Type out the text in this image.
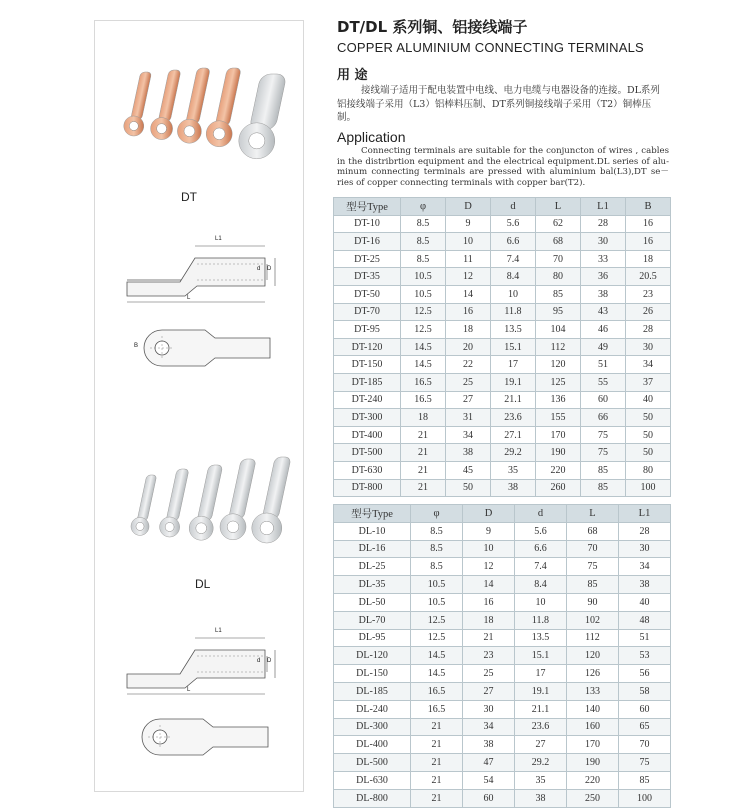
DT
L1
L
d D
B
DL
L1
L
d D
DT/DL 系列铜、铝接线端子
COPPER ALUMINIUM CONNECTING TERMINALS
用 途
接线端子适用于配电装置中电线、电力电缆与电器设备的连接。DL系列铝接线端子采用（L3）铝棒料压制、DT系列铜接线端子采用（T2）铜棒压制。
Application
Connecting terminals are suitable for the conjuncton of wires , cables in the distribrtion equipment and the electrical equipment.DL series of alu-minum connecting terminals are pressed with aluminium bal(L3),DT se－ries of copper connecting terminals with copper bar(T2).
型号Type	φ	D	d	L	L1	B
DT-10	8.5	9	5.6	62	28	16
DT-16	8.5	10	6.6	68	30	16
DT-25	8.5	11	7.4	70	33	18
DT-35	10.5	12	8.4	80	36	20.5
DT-50	10.5	14	10	85	38	23
DT-70	12.5	16	11.8	95	43	26
DT-95	12.5	18	13.5	104	46	28
DT-120	14.5	20	15.1	112	49	30
DT-150	14.5	22	17	120	51	34
DT-185	16.5	25	19.1	125	55	37
DT-240	16.5	27	21.1	136	60	40
DT-300	18	31	23.6	155	66	50
DT-400	21	34	27.1	170	75	50
DT-500	21	38	29.2	190	75	50
DT-630	21	45	35	220	85	80
DT-800	21	50	38	260	85	100
型号Type	φ	D	d	L	L1
DL-10	8.5	9	5.6	68	28
DL-16	8.5	10	6.6	70	30
DL-25	8.5	12	7.4	75	34
DL-35	10.5	14	8.4	85	38
DL-50	10.5	16	10	90	40
DL-70	12.5	18	11.8	102	48
DL-95	12.5	21	13.5	112	51
DL-120	14.5	23	15.1	120	53
DL-150	14.5	25	17	126	56
DL-185	16.5	27	19.1	133	58
DL-240	16.5	30	21.1	140	60
DL-300	21	34	23.6	160	65
DL-400	21	38	27	170	70
DL-500	21	47	29.2	190	75
DL-630	21	54	35	220	85
DL-800	21	60	38	250	100
